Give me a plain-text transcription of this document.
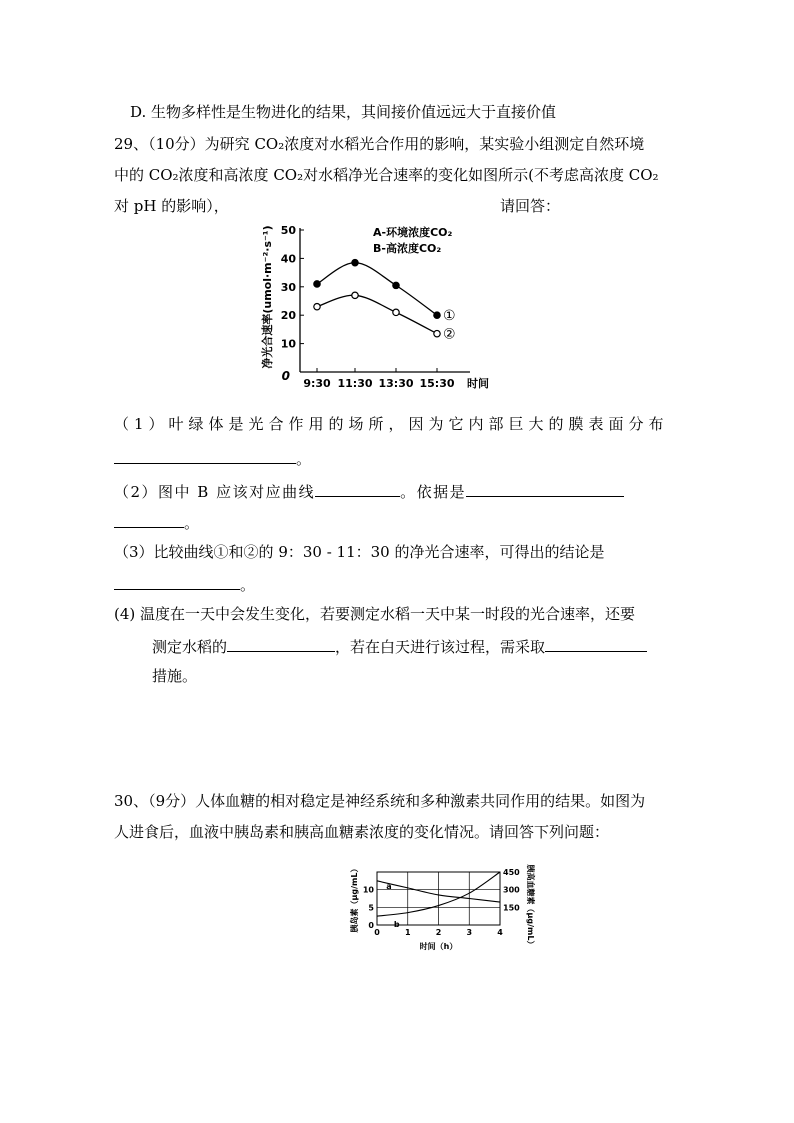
D. 生物多样性是生物进化的结果，其间接价值远远大于直接价值
29、（10分）为研究 CO₂浓度对水稻光合作用的影响，某实验小组测定自然环境
中的 CO₂浓度和高浓度 CO₂对水稻净光合速率的变化如图所示(不考虑高浓度 CO₂
对 pH 的影响），	请回答：
净光合速率(umol·m⁻²·s⁻¹)
0
10
20
30
40
50
9:30 11:30 13:30 15:30 时间
A-环境浓度CO₂
B-高浓度CO₂
①
②
（1）叶绿体是光合作用的场所，因为它内部巨大的膜表面分布
。
（2）图中 B 应该对应曲线	。依据是
。
（3）比较曲线①和②的 9：30 - 11：30 的净光合速率，可得出的结论是
。
(4) 温度在一天中会发生变化，若要测定水稻一天中某一时段的光合速率，还要
测定水稻的	，若在白天进行该过程，需采取
措施。
30、（9分）人体血糖的相对稳定是神经系统和多种激素共同作用的结果。如图为
人进食后，血液中胰岛素和胰高血糖素浓度的变化情况。请回答下列问题：
0
5
10
150
300
450
0	1	2	3	4
时间（h）
胰岛素（μg/mL）	胰高血糖素（μg/mL）
a
b
